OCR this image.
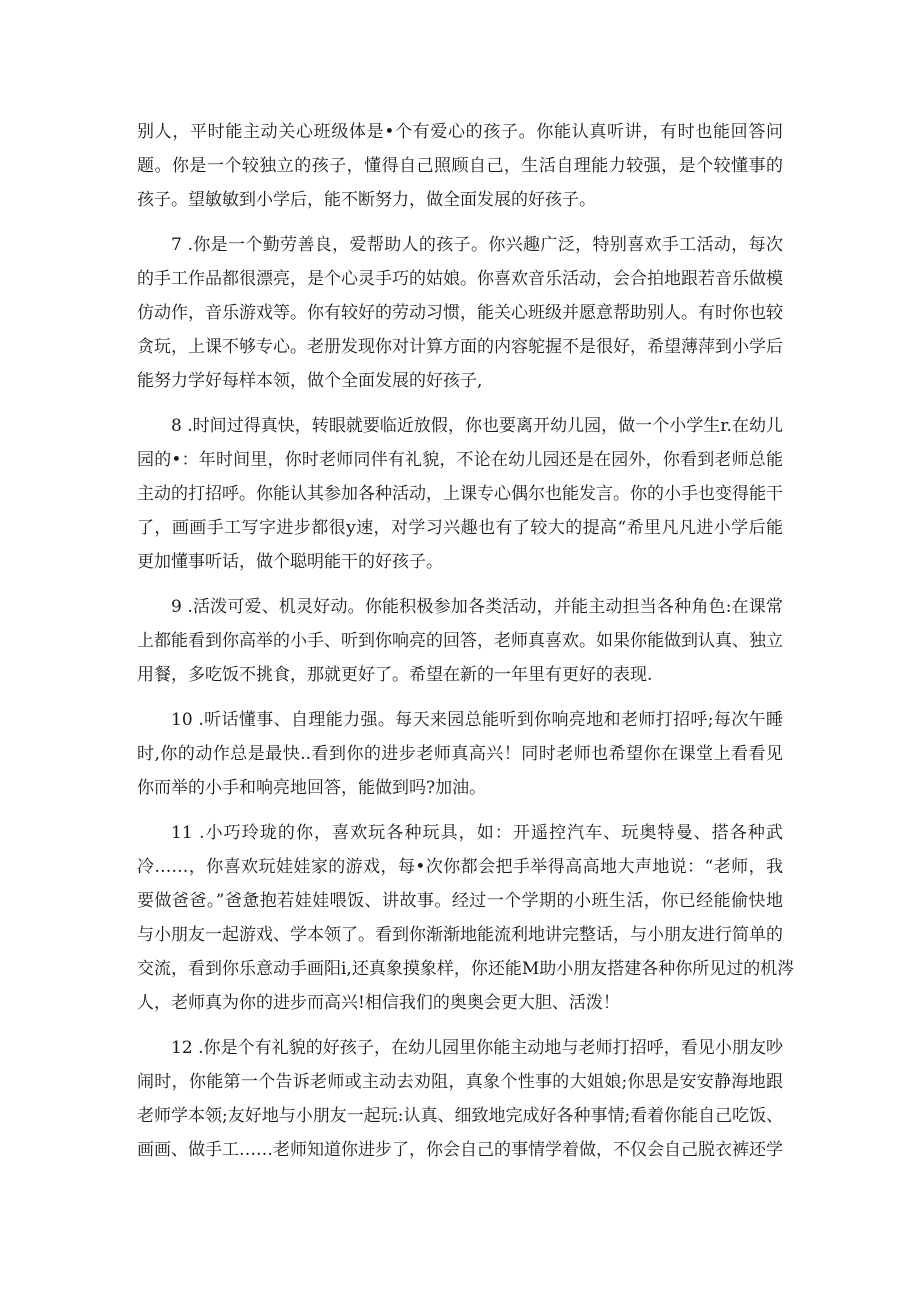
别人，平时能主动关心班级体是•个有爱心的孩子。你能认真听讲，有时也能回答问
题。你是一个较独立的孩子，懂得自己照顾自己，生活自理能力较强，是个较懂事的
孩子。望敏敏到小学后，能不断努力，做全面发展的好孩子。
7 .你是一个勤劳善良，爱帮助人的孩子。你兴趣广泛，特别喜欢手工活动，每次
的手工作品都很漂亮，是个心灵手巧的姑娘。你喜欢音乐活动，会合拍地跟若音乐做模
仿动作，音乐游戏等。你有较好的劳动习惯，能关心班级并愿意帮助别人。有时你也较
贪玩，上课不够专心。老册发现你对计算方面的内容鸵握不是很好，希望薄萍到小学后
能努力学好每样本领，做个全面发展的好孩子,
8 .时间过得真快，转眼就要临近放假，你也要离开幼儿园，做一个小学生r.在幼儿
园的•：年时间里，你时老师同伴有礼貌，不论在幼儿园还是在园外，你看到老师总能
主动的打招呼。你能认其参加各种活动，上课专心偶尔也能发言。你的小手也变得能干
了，画画手工写字进步都很y速，对学习兴趣也有了较大的提高“希里凡凡进小学后能
更加懂事听话，做个聪明能干的好孩子。
9 .活泼可爱、机灵好动。你能积极参加各类活动，并能主动担当各种角色:在课常
上都能看到你高举的小手、听到你响亮的回答，老师真喜欢。如果你能做到认真、独立
用餐，多吃饭不挑食，那就更好了。希望在新的一年里有更好的表现.
10 .听话懂事、自理能力强。每天来园总能听到你响亮地和老师打招呼;每次午睡
时,你的动作总是最快..看到你的进步老师真高兴！同时老师也希望你在课堂上看看见
你而举的小手和响亮地回答，能做到吗?加油。
11 .小巧玲珑的你，喜欢玩各种玩具，如：开遥控汽车、玩奥特曼、搭各种武
冷……，你喜欢玩娃娃家的游戏，每•次你都会把手举得高高地大声地说：“老师，我
要做爸爸。”爸惫抱若娃娃喂饭、讲故事。经过一个学期的小班生活，你已经能偷快地
与小朋友一起游戏、学本领了。看到你渐渐地能流利地讲完整话，与小朋友进行简单的
交流，看到你乐意动手画阳i,还真象摸象样，你还能M助小朋友搭建各种你所见过的机涔
人，老师真为你的进步而高兴!相信我们的奥奥会更大胆、活泼！
12 .你是个有礼貌的好孩子，在幼儿园里你能主动地与老师打招呼，看见小朋友吵
闹时，你能第一个告诉老师或主动去劝阻，真象个性事的大姐娘;你思是安安静海地跟
老师学本领;友好地与小朋友一起玩:认真、细致地完成好各种事情;看着你能自己吃饭、
画画、做手工……老师知道你进步了，你会自己的事情学着做，不仅会自己脱衣裤还学
